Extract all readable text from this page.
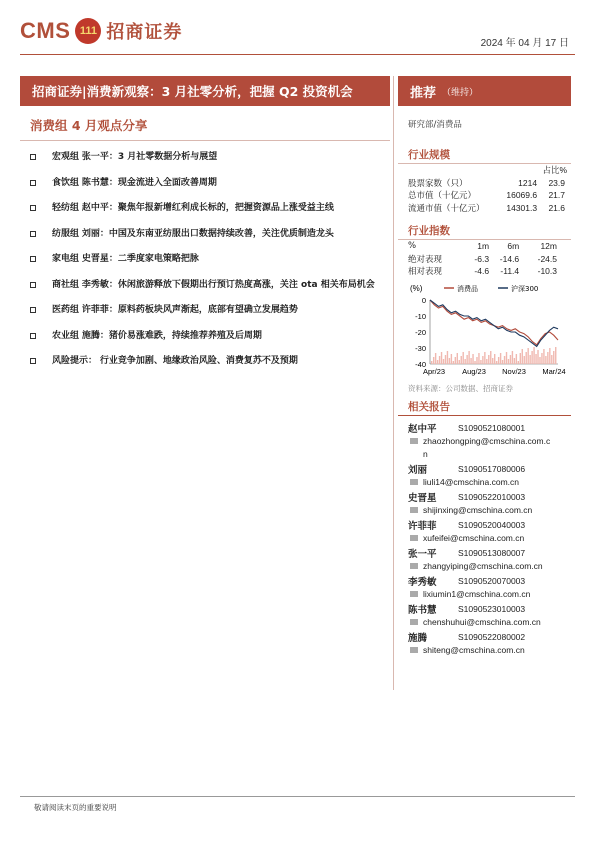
CMS 111 招商证券
2024 年 04 月 17 日
招商证券|消费新观察：3 月社零分析，把握 Q2 投资机会	推荐 （维持）
消费组 4 月观点分享
宏观组 张一平：3 月社零数据分析与展望
食饮组 陈书慧：现金流进入全面改善周期
轻纺组 赵中平：聚焦年报新增红利成长标的，把握资源品上涨受益主线
纺服组 刘丽：中国及东南亚纺服出口数据持续改善，关注优质制造龙头
家电组 史晋星：二季度家电策略把脉
商社组 李秀敏：休闲旅游释放下假期出行预订热度高涨，关注 ota 相关布局机会
医药组 许菲菲：原料药板块风声渐起，底部有望确立发展趋势
农业组 施腾：猪价易涨难跌，持续推荐养殖及后周期
风险提示： 行业竞争加剧、地缘政治风险、消费复苏不及预期
研究部/消费品
行业规模
		占比%
股票家数（只）	1214	23.9
总市值（十亿元）	16069.6	21.7
流通市值（十亿元）	14301.3	21.6
行业指数
%	1m	6m	12m
绝对表现	-6.3	-14.6	-24.5
相对表现	-4.6	-11.4	-10.3
(%)
0
-10
-20
-30
-40
Apr/23 Aug/23 Nov/23 Mar/24
消费品	沪深300
资料来源：公司数据、招商证券
相关报告
赵中平	S1090521080001
zhaozhongping@cmschina.com.c
n
刘丽	S1090517080006
liuli14@cmschina.com.cn
史晋星	S1090522010003
shijinxing@cmschina.com.cn
许菲菲	S1090520040003
xufeifei@cmschina.com.cn
张一平	S1090513080007
zhangyiping@cmschina.com.cn
李秀敏	S1090520070003
lixiumin1@cmschina.com.cn
陈书慧	S1090523010003
chenshuhui@cmschina.com.cn
施腾	S1090522080002
shiteng@cmschina.com.cn
敬请阅读末页的重要说明
